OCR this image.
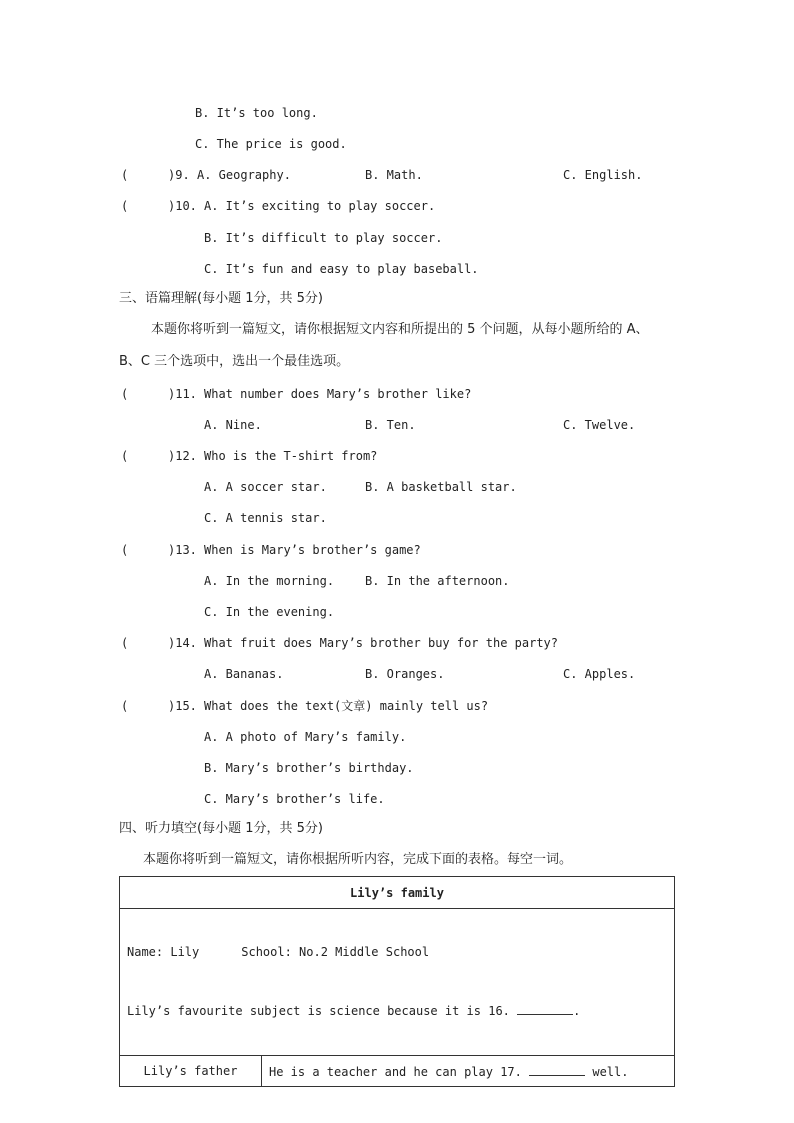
B. It’s too long.
C. The price is good.
(	)9. A. Geography.	B. Math.	C. English.
(	)10. A. It’s exciting to play soccer.
B. It’s difficult to play soccer.
C. It’s fun and easy to play baseball.
三、语篇理解(每小题 1分，共 5分)
本题你将听到一篇短文，请你根据短文内容和所提出的 5 个问题，从每小题所给的 A、
B、C 三个选项中，选出一个最佳选项。
(	)11. What number does Mary’s brother like?
A. Nine.	B. Ten.	C. Twelve.
(	)12. Who is the T-shirt from?
A. A soccer star.	B. A basketball star.
C. A tennis star.
(	)13. When is Mary’s brother’s game?
A. In the morning.	B. In the afternoon.
C. In the evening.
(	)14. What fruit does Mary’s brother buy for the party?
A. Bananas.	B. Oranges.	C. Apples.
(	)15. What does the text(文章) mainly tell us?
A. A photo of Mary’s family.
B. Mary’s brother’s birthday.
C. Mary’s brother’s life.
四、听力填空(每小题 1分，共 5分)
本题你将听到一篇短文，请你根据所听内容，完成下面的表格。每空一词。
Lily’s family

Name: Lily	School: No.2 Middle School

Lily’s favourite subject is science because it is 16.	.

Lily’s father	He is a teacher and he can play 17.	well.
